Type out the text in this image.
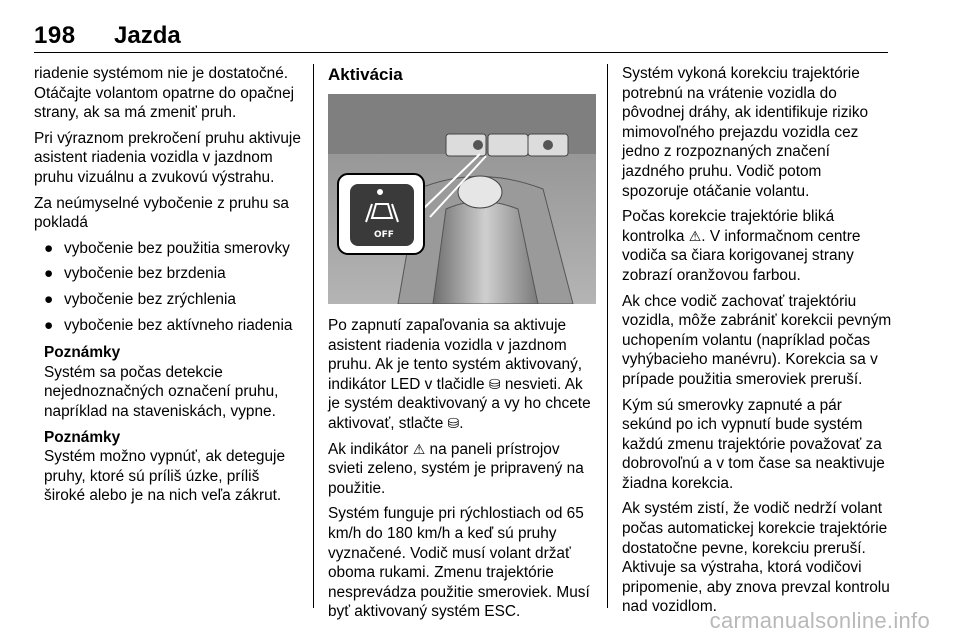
198 Jazda

riadenie systémom nie je dostatočné. Otáčajte volantom opatrne do opačnej strany, ak sa má zmeniť pruh.

Pri výraznom prekročení pruhu aktivuje asistent riadenia vozidla v jazdnom pruhu vizuálnu a zvukovú výstrahu.

Za neúmyselné vybočenie z pruhu sa pokladá

● vybočenie bez použitia smerovky
● vybočenie bez brzdenia
● vybočenie bez zrýchlenia
● vybočenie bez aktívneho riadenia
Poznámky

Systém sa počas detekcie nejednoznačných označení pruhu, napríklad na staveniskách, vypne.

Poznámky

Systém možno vypnúť, ak deteguje pruhy, ktoré sú príliš úzke, príliš široké alebo je na nich veľa zákrut.

Aktivácia
OFF

Po zapnutí zapaľovania sa aktivuje asistent riadenia vozidla v jazdnom pruhu. Ak je tento systém aktivovaný, indikátor LED v tlačidle ⛁ nesvieti. Ak je systém deaktivovaný a vy ho chcete aktivovať, stlačte ⛁.

Ak indikátor ⚠ na paneli prístrojov svieti zeleno, systém je pripravený na použitie.

Systém funguje pri rýchlostiach od 65 km/h do 180 km/h a keď sú pruhy vyznačené. Vodič musí volant držať oboma rukami. Zmenu trajektórie nesprevádza použitie smeroviek. Musí byť aktivovaný systém ESC.

Systém vykoná korekciu trajektórie potrebnú na vrátenie vozidla do pôvodnej dráhy, ak identifikuje riziko mimovoľného prejazdu vozidla cez jedno z rozpoznaných značení jazdného pruhu. Vodič potom spozoruje otáčanie volantu.

Počas korekcie trajektórie bliká kontrolka ⚠. V informačnom centre vodiča sa čiara korigovanej strany zobrazí oranžovou farbou.

Ak chce vodič zachovať trajektóriu vozidla, môže zabrániť korekcii pevným uchopením volantu (napríklad počas vyhýbacieho manévru). Korekcia sa v prípade použitia smeroviek preruší.

Kým sú smerovky zapnuté a pár sekúnd po ich vypnutí bude systém každú zmenu trajektórie považovať za dobrovoľnú a v tom čase sa neaktivuje žiadna korekcia.

Ak systém zistí, že vodič nedrží volant počas automatickej korekcie trajektórie dostatočne pevne, korekciu preruší. Aktivuje sa výstraha, ktorá vodičovi pripomenie, aby znova prevzal kontrolu nad vozidlom.

carmanualsonline.info
